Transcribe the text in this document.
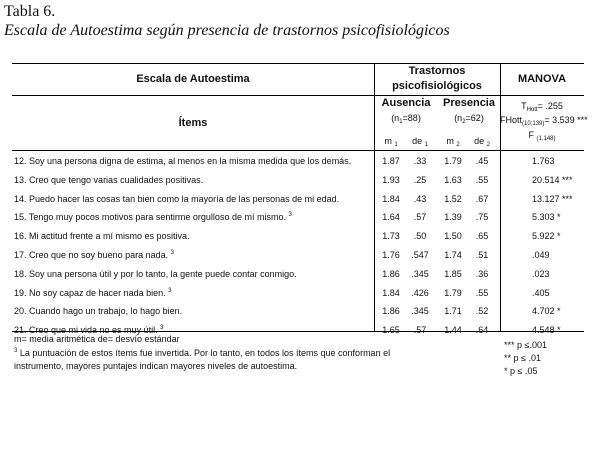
Tabla 6.
Escala de Autoestima según presencia de trastornos psicofisiológicos
Escala de Autoestima
Trastornos psicofisiológicos
MANOVA
Ítems
Ausencia
$(n_1=88)$
Presencia
$(n_2=62)$
m $_1$	de $_1$	m $_2$	de $_2$
$T_{Hott}= .255$
FHott$_{(10;139)}$= 3.539 ***
F $_{(1,148)}$
12. Soy una persona digna de estima, al menos en la misma medida que los demás.	1.87	.33	1.79	.45	1.763
13. Creo que tengo varias cualidades positivas.	1.93	.25	1.63	.55	20.514 ***
14. Puedo hacer las cosas tan bien como la mayoría de las personas de mi edad.	1.84	.43	1.52	.67	13.127 ***
15. Tengo muy pocos motivos para sentirme orgulloso de mí mismo. $^3$	1.64	.57	1.39	.75	5.303 *
16. Mi actitud frente a mí mismo es positiva.	1.73	.50	1.50	.65	5.922 *
17. Creo que no soy bueno para nada. $^3$	1.76	.547	1.74	.51	.049
18. Soy una persona útil y por lo tanto, la gente puede contar conmigo.	1.86	.345	1.85	.36	.023
19. No soy capaz de hacer nada bien. $^3$	1.84	.426	1.79	.55	.405
20. Cuando hago un trabajo, lo hago bien.	1.86	.345	1.71	.52	4.702 *
21. Creo que mi vida no es muy útil. $^3$	1.65	.57	1.44	.64	4.548 *
m= media aritmética de= desvío estándar
$^3$ La puntuación de estos ítems fue invertida. Por lo tanto, en todos los ítems que conforman el
instrumento, mayores puntajes indican mayores niveles de autoestima.
*** p ≤.001
** p ≤ .01
* p ≤ .05
